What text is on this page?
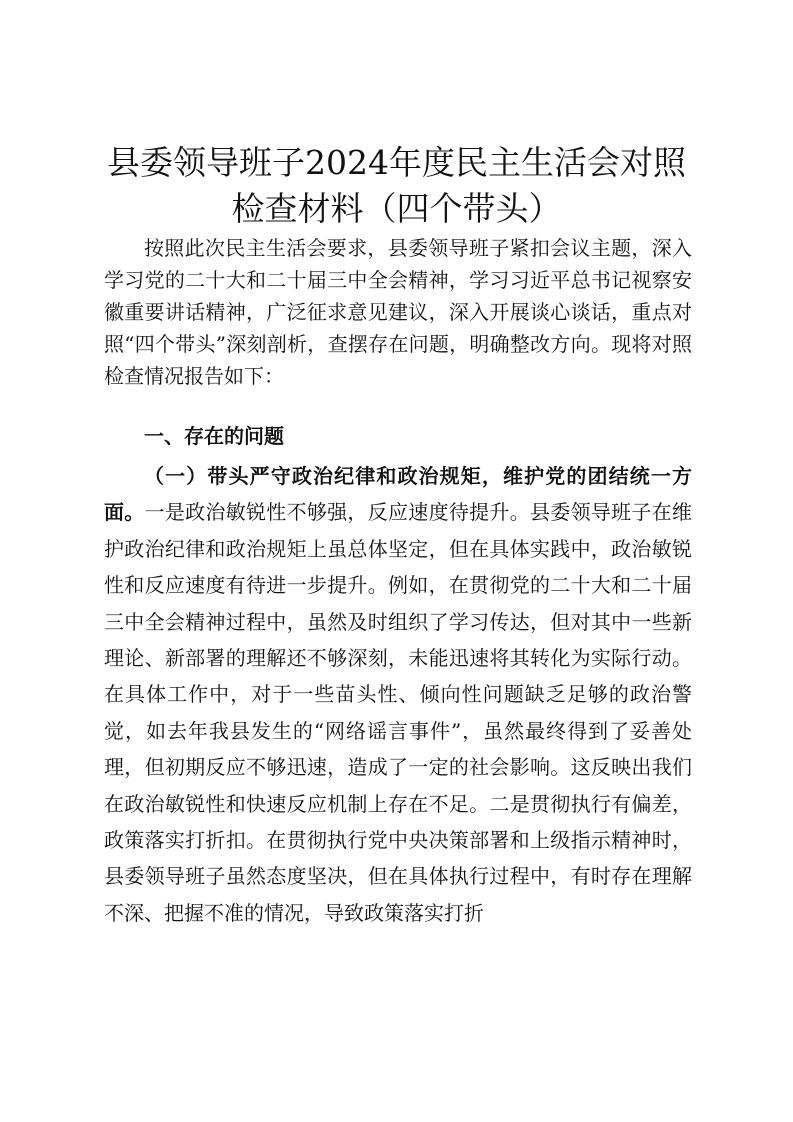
县委领导班子2024年度民主生活会对照检查材料（四个带头）

按照此次民主生活会要求，县委领导班子紧扣会议主题，深入学习党的二十大和二十届三中全会精神，学习习近平总书记视察安徽重要讲话精神，广泛征求意见建议，深入开展谈心谈话，重点对照“四个带头”深刻剖析，查摆存在问题，明确整改方向。现将对照检查情况报告如下：

一、存在的问题

（一）带头严守政治纪律和政治规矩，维护党的团结统一方面。一是政治敏锐性不够强，反应速度待提升。县委领导班子在维护政治纪律和政治规矩上虽总体坚定，但在具体实践中，政治敏锐性和反应速度有待进一步提升。例如，在贯彻党的二十大和二十届三中全会精神过程中，虽然及时组织了学习传达，但对其中一些新理论、新部署的理解还不够深刻，未能迅速将其转化为实际行动。在具体工作中，对于一些苗头性、倾向性问题缺乏足够的政治警觉，如去年我县发生的“网络谣言事件”，虽然最终得到了妥善处理，但初期反应不够迅速，造成了一定的社会影响。这反映出我们在政治敏锐性和快速反应机制上存在不足。二是贯彻执行有偏差，政策落实打折扣。在贯彻执行党中央决策部署和上级指示精神时，县委领导班子虽然态度坚决，但在具体执行过程中，有时存在理解不深、把握不准的情况，导致政策落实打折
